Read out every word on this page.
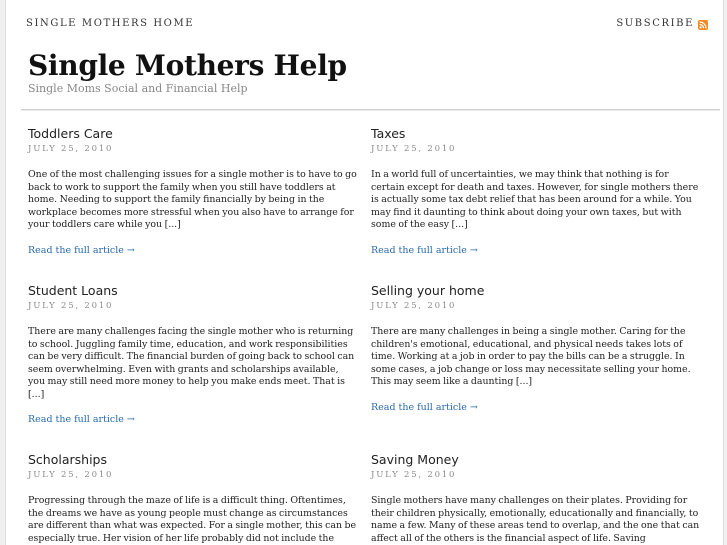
SINGLE MOTHERS HOME	SUBSCRIBE
Single Mothers Help
Single Moms Social and Financial Help
Toddlers Care
JULY 25, 2010
One of the most challenging issues for a single mother is to have to go back to work to support the family when you still have toddlers at home. Needing to support the family financially by being in the workplace becomes more stressful when you also have to arrange for your toddlers care while you [...]
Read the full article →
Taxes
JULY 25, 2010
In a world full of uncertainties, we may think that nothing is for certain except for death and taxes. However, for single mothers there is actually some tax debt relief that has been around for a while. You may find it daunting to think about doing your own taxes, but with some of the easy [...]
Read the full article →
Student Loans
JULY 25, 2010
There are many challenges facing the single mother who is returning to school. Juggling family time, education, and work responsibilities can be very difficult. The financial burden of going back to school can seem overwhelming. Even with grants and scholarships available, you may still need more money to help you make ends meet. That is [...]
Read the full article →
Selling your home
JULY 25, 2010
There are many challenges in being a single mother. Caring for the children's emotional, educational, and physical needs takes lots of time. Working at a job in order to pay the bills can be a struggle. In some cases, a job change or loss may necessitate selling your home. This may seem like a daunting [...]
Read the full article →
Scholarships
JULY 25, 2010
Progressing through the maze of life is a difficult thing. Oftentimes, the dreams we have as young people must change as circumstances are different than what was expected. For a single mother, this can be especially true. Her vision of her life probably did not include the
Saving Money
JULY 25, 2010
Single mothers have many challenges on their plates. Providing for their children physically, emotionally, educationally and financially, to name a few. Many of these areas tend to overlap, and the one that can affect all of the others is the financial aspect of life. Saving
